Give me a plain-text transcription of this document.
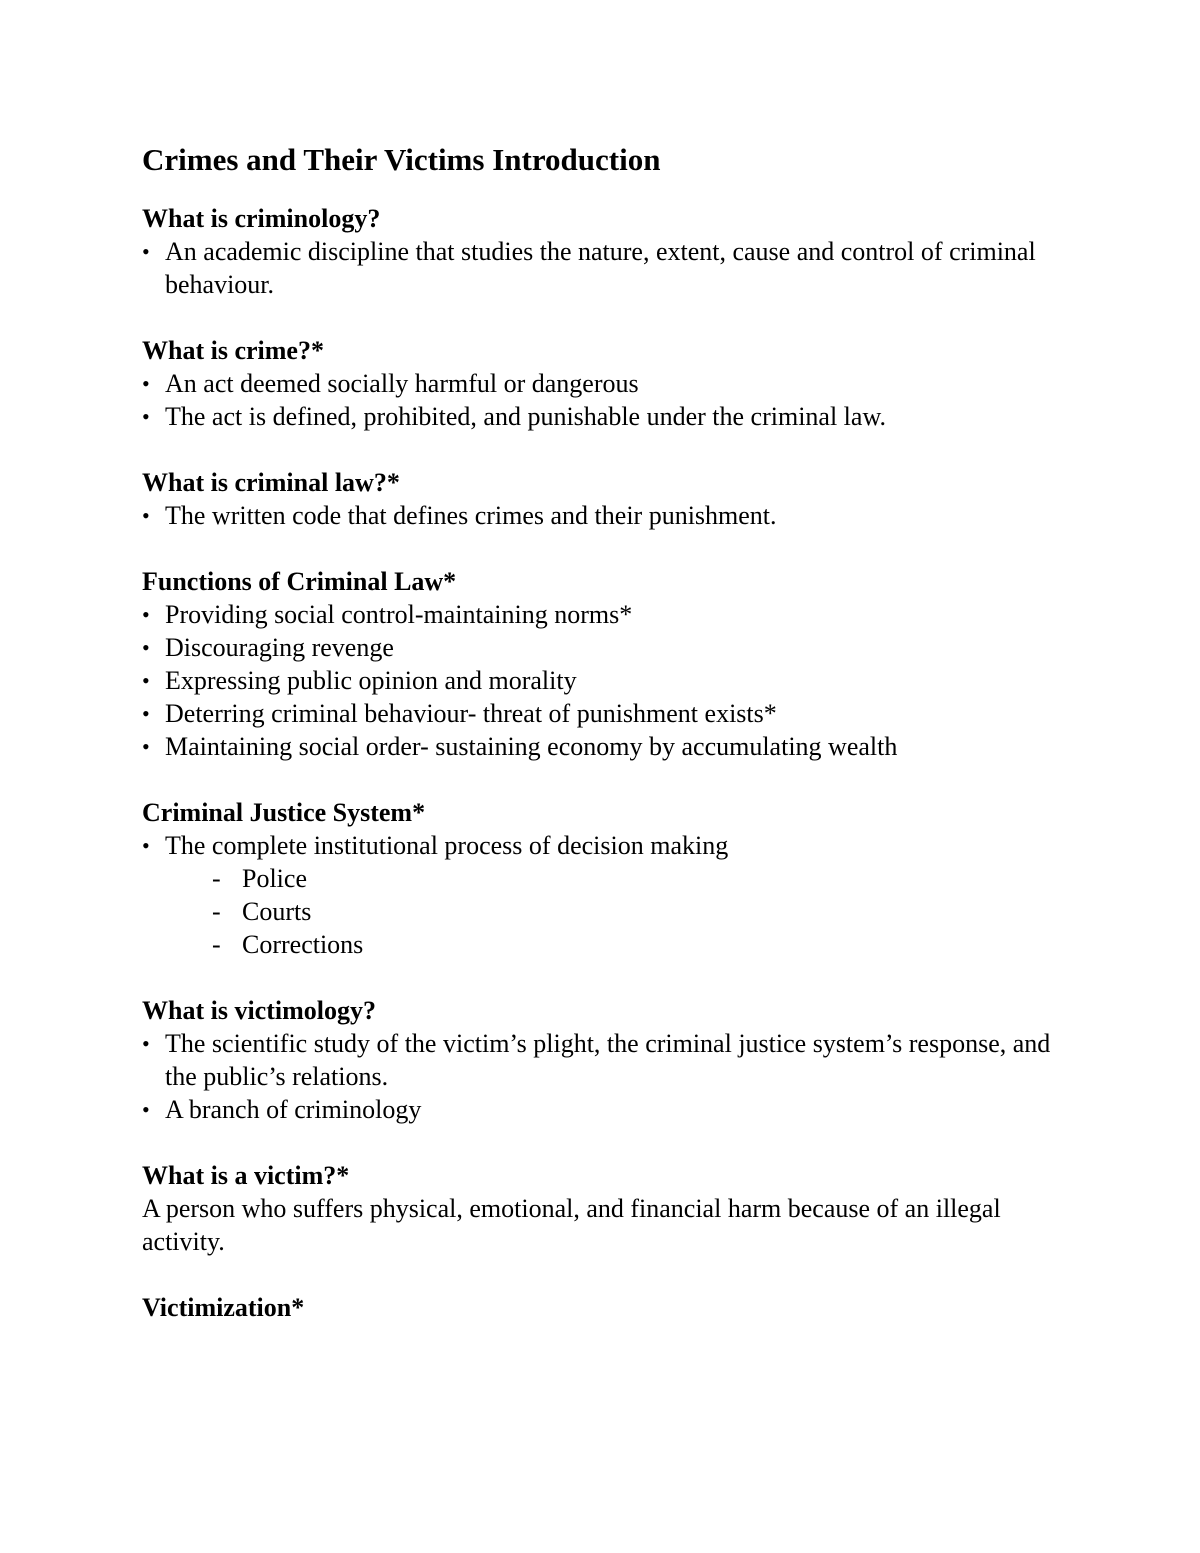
Crimes and Their Victims Introduction
What is criminology?
• An academic discipline that studies the nature, extent, cause and control of criminal behaviour.
What is crime?*
• An act deemed socially harmful or dangerous
• The act is defined, prohibited, and punishable under the criminal law.
What is criminal law?*
• The written code that defines crimes and their punishment.
Functions of Criminal Law*
• Providing social control-maintaining norms*
• Discouraging revenge
• Expressing public opinion and morality
• Deterring criminal behaviour- threat of punishment exists*
• Maintaining social order- sustaining economy by accumulating wealth
Criminal Justice System*
• The complete institutional process of decision making
- Police
- Courts
- Corrections
What is victimology?
• The scientific study of the victim’s plight, the criminal justice system’s response, and the public’s relations.
• A branch of criminology
What is a victim?*

A person who suffers physical, emotional, and financial harm because of an illegal activity.

Victimization*
